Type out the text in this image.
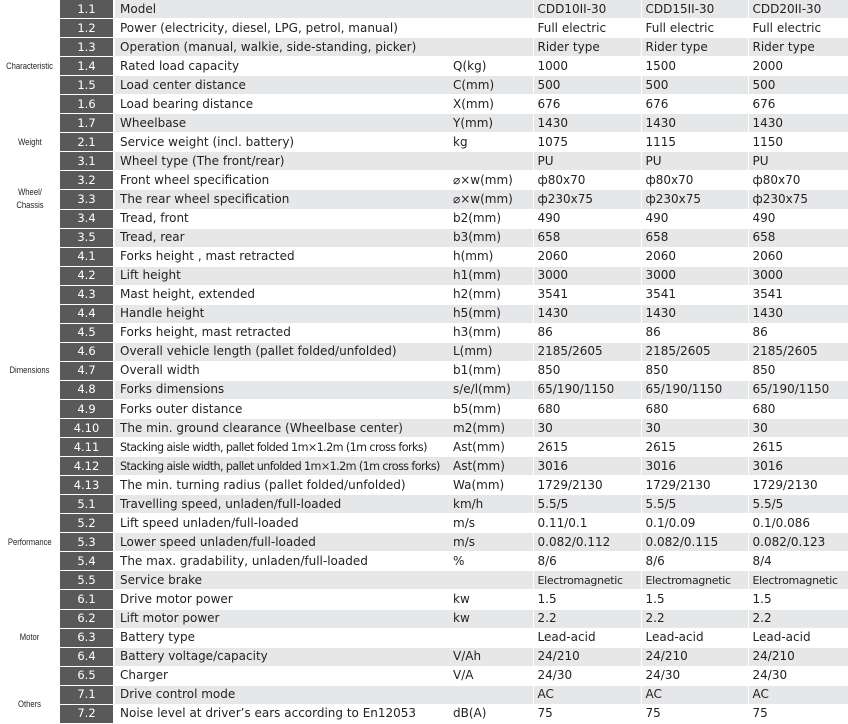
Characteristic	1.1	Model		CDD10II-30	CDD15II-30	CDD20II-30
	1.2	Power (electricity, diesel, LPG, petrol, manual)		Full electric	Full electric	Full electric
	1.3	Operation (manual, walkie, side-standing, picker)		Rider type	Rider type	Rider type
	1.4	Rated load capacity	Q(kg)	1000	1500	2000
	1.5	Load center distance	C(mm)	500	500	500
	1.6	Load bearing distance	X(mm)	676	676	676
	1.7	Wheelbase	Y(mm)	1430	1430	1430
Weight	2.1	Service weight (incl. battery)	kg	1075	1115	1150
Wheel/ Chassis	3.1	Wheel type (The front/rear)		PU	PU	PU
	3.2	Front wheel specification	⌀×w(mm)	ф80x70	ф80x70	ф80x70
	3.3	The rear wheel specification	⌀×w(mm)	ф230x75	ф230x75	ф230x75
	3.4	Tread, front	b2(mm)	490	490	490
	3.5	Tread, rear	b3(mm)	658	658	658
Dimensions	4.1	Forks height , mast retracted	h(mm)	2060	2060	2060
	4.2	Lift height	h1(mm)	3000	3000	3000
	4.3	Mast height, extended	h2(mm)	3541	3541	3541
	4.4	Handle height	h5(mm)	1430	1430	1430
	4.5	Forks height, mast retracted	h3(mm)	86	86	86
	4.6	Overall vehicle length (pallet folded/unfolded)	L(mm)	2185/2605	2185/2605	2185/2605
	4.7	Overall width	b1(mm)	850	850	850
	4.8	Forks dimensions	s/e/l(mm)	65/190/1150	65/190/1150	65/190/1150
	4.9	Forks outer distance	b5(mm)	680	680	680
	4.10	The min. ground clearance (Wheelbase center)	m2(mm)	30	30	30
	4.11	Stacking aisle width, pallet folded 1m×1.2m (1m cross forks)	Ast(mm)	2615	2615	2615
	4.12	Stacking aisle width, pallet unfolded 1m×1.2m (1m cross forks)	Ast(mm)	3016	3016	3016
	4.13	The min. turning radius (pallet folded/unfolded)	Wa(mm)	1729/2130	1729/2130	1729/2130
Performance	5.1	Travelling speed, unladen/full-loaded	km/h	5.5/5	5.5/5	5.5/5
	5.2	Lift speed unladen/full-loaded	m/s	0.11/0.1	0.1/0.09	0.1/0.086
	5.3	Lower speed unladen/full-loaded	m/s	0.082/0.112	0.082/0.115	0.082/0.123
	5.4	The max. gradability, unladen/full-loaded	%	8/6	8/6	8/4
	5.5	Service brake		Electromagnetic	Electromagnetic	Electromagnetic
Motor	6.1	Drive motor power	kw	1.5	1.5	1.5
	6.2	Lift motor power	kw	2.2	2.2	2.2
	6.3	Battery type		Lead-acid	Lead-acid	Lead-acid
	6.4	Battery voltage/capacity	V/Ah	24/210	24/210	24/210
	6.5	Charger	V/A	24/30	24/30	24/30
Others	7.1	Drive control mode		AC	AC	AC
	7.2	Noise level at driver’s ears according to En12053	dB(A)	75	75	75
